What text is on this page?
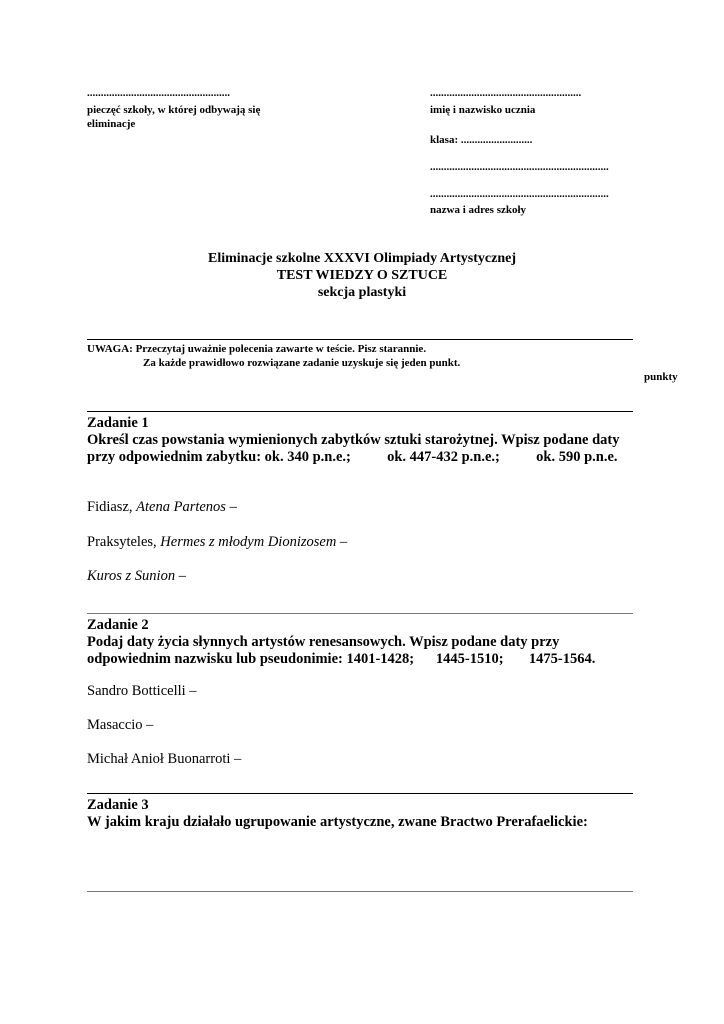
....................................................
pieczęć szkoły, w której odbywają się
eliminacje
.......................................................
imię i nazwisko ucznia
klasa: ..........................
.................................................................
.................................................................
nazwa i adres szkoły
Eliminacje szkolne XXXVI Olimpiady Artystycznej
TEST WIEDZY O SZTUCE
sekcja plastyki
UWAGA: Przeczytaj uważnie polecenia zawarte w teście. Pisz starannie.
Za każde prawidłowo rozwiązane zadanie uzyskuje się jeden punkt.
punkty
Zadanie 1
Określ czas powstania wymienionych zabytków sztuki starożytnej. Wpisz podane daty
przy odpowiednim zabytku: ok. 340 p.n.e.;          ok. 447-432 p.n.e.;          ok. 590 p.n.e.
Fidiasz, Atena Partenos –
Praksyteles, Hermes z młodym Dionizosem –
Kuros z Sunion –
Zadanie 2
Podaj daty życia słynnych artystów renesansowych. Wpisz podane daty przy
odpowiednim nazwisku lub pseudonimie: 1401-1428;      1445-1510;       1475-1564.
Sandro Botticelli –
Masaccio –
Michał Anioł Buonarroti –
Zadanie 3
W jakim kraju działało ugrupowanie artystyczne, zwane Bractwo Prerafaelickie:
